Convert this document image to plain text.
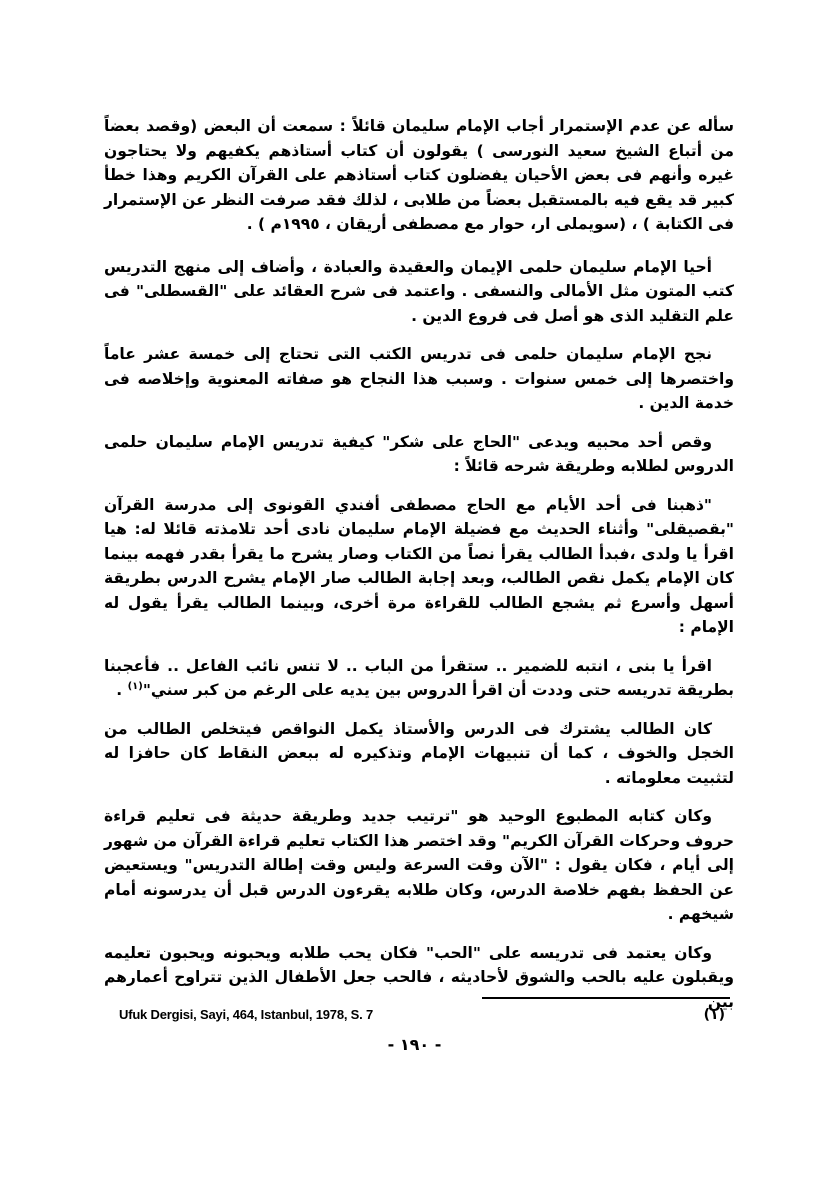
سأله عن عدم الإستمرار أجاب الإمام سليمان قائلاً : سمعت أن البعض (وقصد بعضاً من أتباع الشيخ سعيد النورسى ) يقولون أن كتاب أستاذهم يكفيهم ولا يحتاجون غيره وأنهم فى بعض الأحيان يفضلون كتاب أستاذهم على القرآن الكريم وهذا خطأ كبير قد يقع فيه بالمستقبل بعضاً من طلابى ، لذلك فقد صرفت النظر عن الإستمرار فى الكتابة ) ، (سويملى ار، حوار مع مصطفى أريقان ، ١٩٩٥م ) .

أحيا الإمام سليمان حلمى الإيمان والعقيدة والعبادة ، وأضاف إلى منهج التدريس كتب المتون مثل الأمالى والنسفى . واعتمد فى شرح العقائد على "القسطلى" فى علم التقليد الذى هو أصل فى فروع الدين .

نجح الإمام سليمان حلمى فى تدريس الكتب التى تحتاج إلى خمسة عشر عاماً واختصرها إلى خمس سنوات . وسبب هذا النجاح هو صفاته المعنوية وإخلاصه فى خدمة الدين .

وقص أحد محبيه ويدعى "الحاج على شكر" كيفية تدريس الإمام سليمان حلمى الدروس لطلابه وطريقة شرحه قائلاً :

"ذهبنا فى أحد الأيام مع الحاج مصطفى أفندي القونوى إلى مدرسة القرآن "بقصيقلى" وأثناء الحديث مع فضيلة الإمام سليمان نادى أحد تلامذته قائلا له: هيا اقرأ يا ولدى ،فبدأ الطالب يقرأ نصاً من الكتاب وصار يشرح ما يقرأ بقدر فهمه بينما كان الإمام يكمل نقص الطالب، وبعد إجابة الطالب صار الإمام يشرح الدرس بطريقة أسهل وأسرع ثم يشجع الطالب للقراءة مرة أخرى، وبينما الطالب يقرأ يقول له الإمام :

اقرأ يا بنى ، انتبه للضمير .. ستقرأ من الباب .. لا تنس نائب الفاعل .. فأعجبنا بطريقة تدريسه حتى وددت أن اقرأ الدروس بين يديه على الرغم من كبر سني"$^{(١)}$ .

كان الطالب يشترك فى الدرس والأستاذ يكمل النواقص فيتخلص الطالب من الخجل والخوف ، كما أن تنبيهات الإمام وتذكيره له ببعض النقاط كان حافزا له لتثبيت معلوماته .

وكان كتابه المطبوع الوحيد هو "ترتيب جديد وطريقة حديثة فى تعليم قراءة حروف وحركات القرآن الكريم" وقد اختصر هذا الكتاب تعليم قراءة القرآن من شهور إلى أيام ، فكان يقول : "الآن وقت السرعة وليس وقت إطالة التدريس" ويستعيض عن الحفظ بفهم خلاصة الدرس، وكان طلابه يقرءون الدرس قبل أن يدرسونه أمام شيخهم .

وكان يعتمد فى تدريسه على "الحب" فكان يحب طلابه ويحبونه ويحبون تعليمه ويقبلون عليه بالحب والشوق لأحاديثه ، فالحب جعل الأطفال الذين تتراوح أعمارهم بين

Ufuk Dergisi, Sayi, 464, Istanbul, 1978, S. 7	(١)
- ١٩٠ -
